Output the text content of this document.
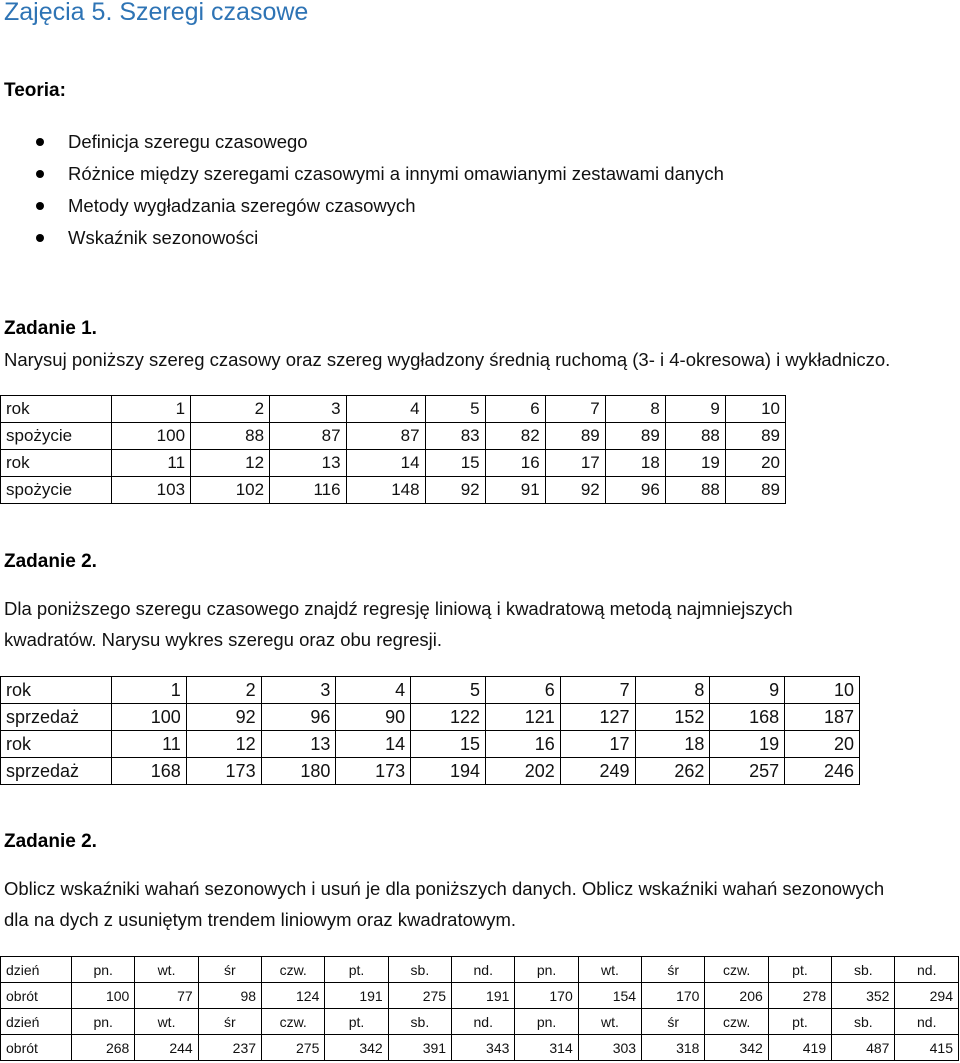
Zajęcia 5. Szeregi czasowe
Teoria:
Definicja szeregu czasowego
Różnice między szeregami czasowymi a innymi omawianymi zestawami danych
Metody wygładzania szeregów czasowych
Wskaźnik sezonowości
Zadanie 1.
Narysuj poniższy szereg czasowy oraz szereg wygładzony średnią ruchomą (3- i 4-okresowa) i wykładniczo.
rok	1	2	3	4	5	6	7	8	9	10
spożycie	100	88	87	87	83	82	89	89	88	89
rok	11	12	13	14	15	16	17	18	19	20
spożycie	103	102	116	148	92	91	92	96	88	89
Zadanie 2.
Dla poniższego szeregu czasowego znajdź regresję liniową i kwadratową metodą najmniejszych
kwadratów. Narysu wykres szeregu oraz obu regresji.
rok	1	2	3	4	5	6	7	8	9	10
sprzedaż	100	92	96	90	122	121	127	152	168	187
rok	11	12	13	14	15	16	17	18	19	20
sprzedaż	168	173	180	173	194	202	249	262	257	246
Zadanie 2.
Oblicz wskaźniki wahań sezonowych i usuń je dla poniższych danych. Oblicz wskaźniki wahań sezonowych
dla na dych z usuniętym trendem liniowym oraz kwadratowym.
dzień	pn.	wt.	śr	czw.	pt.	sb.	nd.	pn.	wt.	śr	czw.	pt.	sb.	nd.
obrót	100	77	98	124	191	275	191	170	154	170	206	278	352	294
dzień	pn.	wt.	śr	czw.	pt.	sb.	nd.	pn.	wt.	śr	czw.	pt.	sb.	nd.
obrót	268	244	237	275	342	391	343	314	303	318	342	419	487	415
